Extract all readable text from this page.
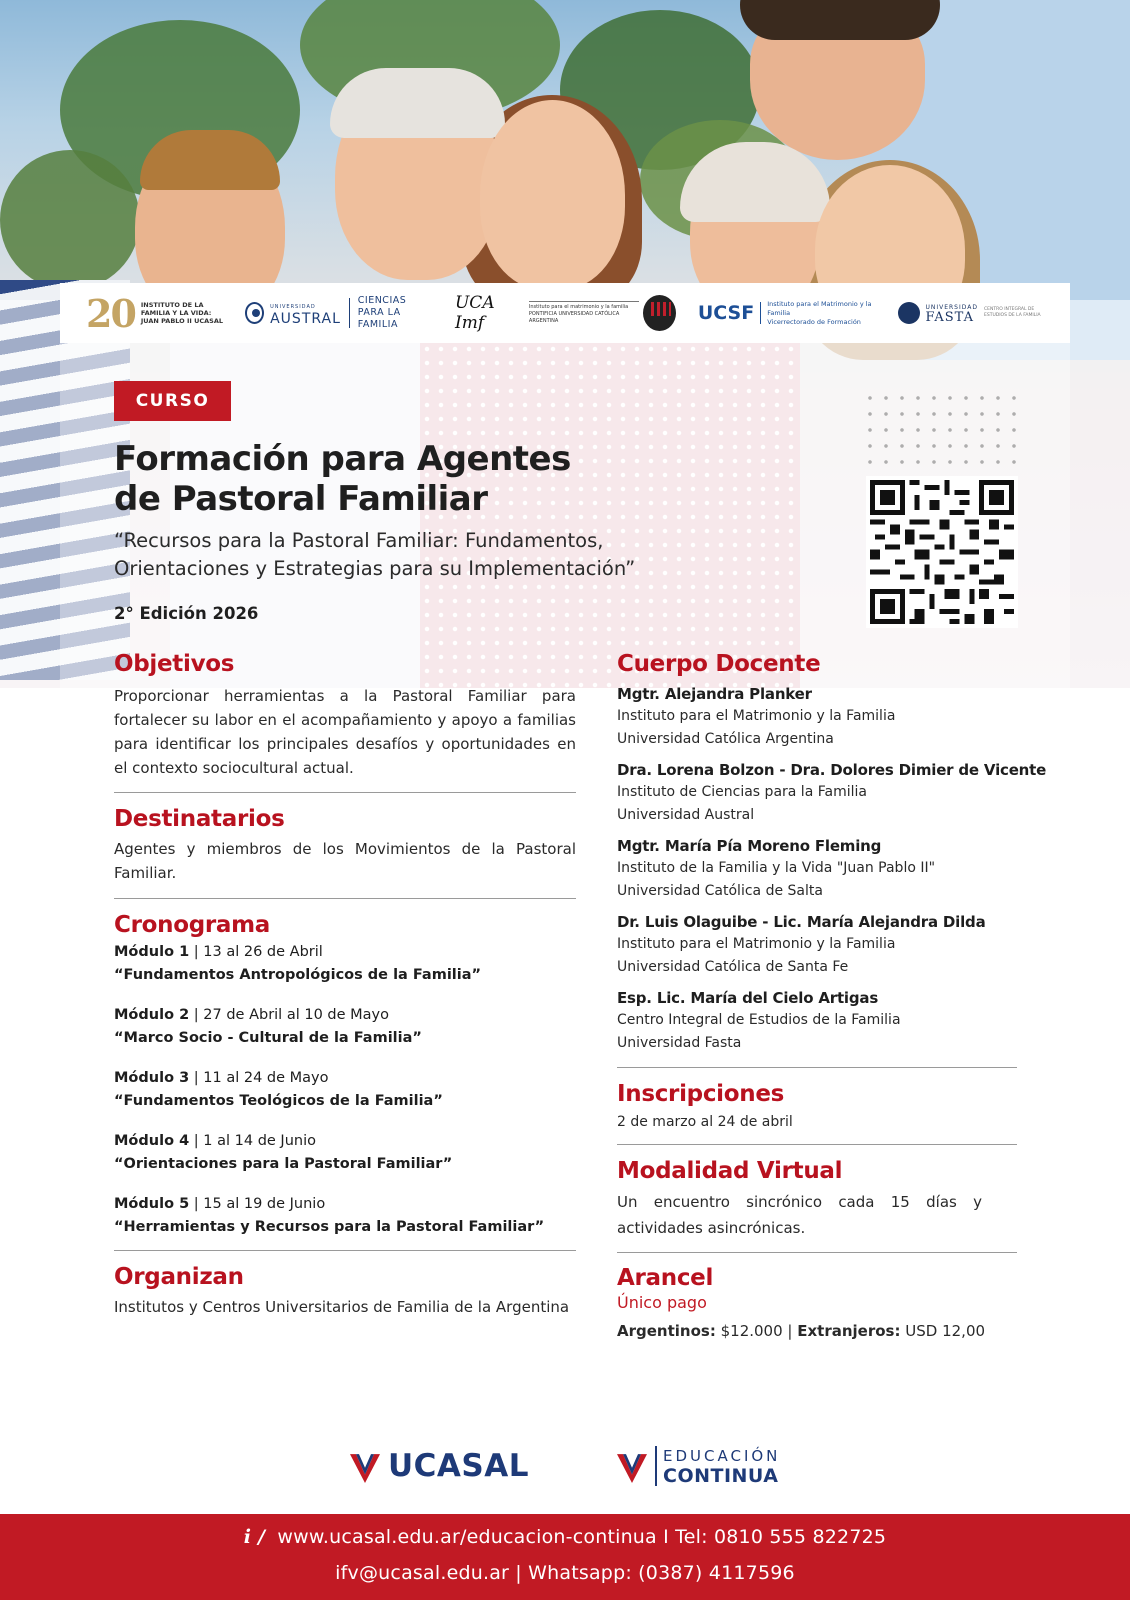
20 INSTITUTO DE LA FAMILIA Y LA VIDA: JUAN PABLO II UCASAL
UNIVERSIDAD
AUSTRAL
CIENCIAS
PARA LA FAMILIA
UCA Imf
Instituto para el matrimonio y la familia PONTIFICIA UNIVERSIDAD CATÓLICA ARGENTINA	UCSF	Instituto para el Matrimonio y la Familia
Vicerrectorado de Formación
UNIVERSIDAD
FASTA
CENTRO INTEGRAL DE ESTUDIOS DE LA FAMILIA
CURSO
Formación para Agentes
de Pastoral Familiar
“Recursos para la Pastoral Familiar: Fundamentos,
Orientaciones y Estrategias para su Implementación”
2° Edición 2026
Objetivos

Proporcionar herramientas a la Pastoral Familiar para fortalecer su labor en el acompañamiento y apoyo a familias para identificar los principales desafíos y oportunidades en el contexto sociocultural actual.

Destinatarios

Agentes y miembros de los Movimientos de la Pastoral Familiar.

Cronograma
Módulo 1 | 13 al 26 de Abril
“Fundamentos Antropológicos de la Familia”
Módulo 2 | 27 de Abril al 10 de Mayo
“Marco Socio - Cultural de la Familia”
Módulo 3 | 11 al 24 de Mayo
“Fundamentos Teológicos de la Familia”
Módulo 4 | 1 al 14 de Junio
“Orientaciones para la Pastoral Familiar”
Módulo 5 | 15 al 19 de Junio
“Herramientas y Recursos para la Pastoral Familiar”
Organizan

Institutos y Centros Universitarios de Familia de la Argentina

Cuerpo Docente
Mgtr. Alejandra Planker
Instituto para el Matrimonio y la Familia
Universidad Católica Argentina
Dra. Lorena Bolzon - Dra. Dolores Dimier de Vicente
Instituto de Ciencias para la Familia
Universidad Austral
Mgtr. María Pía Moreno Fleming
Instituto de la Familia y la Vida "Juan Pablo II"
Universidad Católica de Salta
Dr. Luis Olaguibe - Lic. María Alejandra Dilda
Instituto para el Matrimonio y la Familia
Universidad Católica de Santa Fe
Esp. Lic. María del Cielo Artigas
Centro Integral de Estudios de la Familia
Universidad Fasta
Inscripciones

2 de marzo al 24 de abril

Modalidad Virtual

Un encuentro sincrónico cada 15 días y actividades asincrónicas.

Arancel
Único pago
Argentinos: $12.000 | Extranjeros: USD 12,00
UCASAL	EDUCACIÓN
CONTINUA
i / www.ucasal.edu.ar/educacion-continua I Tel: 0810 555 822725
ifv@ucasal.edu.ar | Whatsapp: (0387) 4117596
